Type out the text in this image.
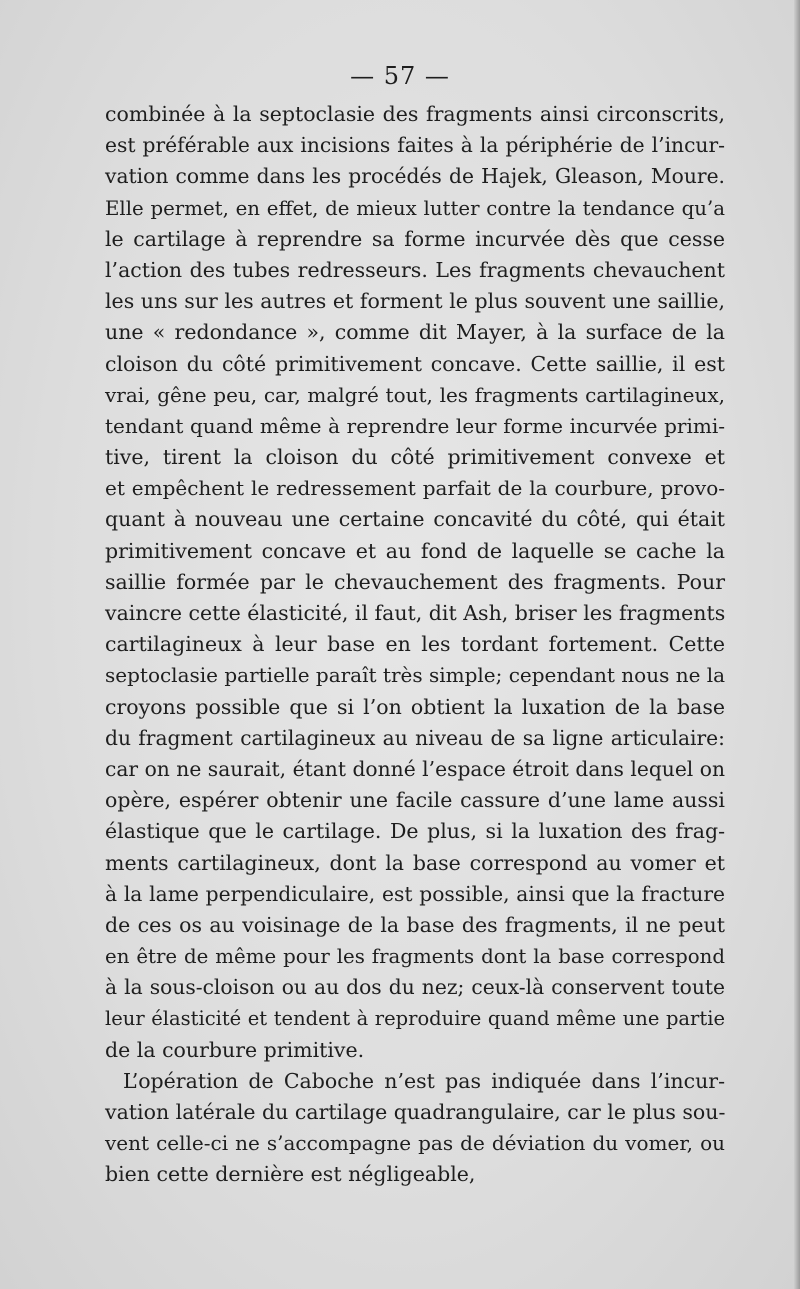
— 57 —
combinée à la septoclasie des fragments ainsi circonscrits,
est préférable aux incisions faites à la périphérie de l’incur-
vation comme dans les procédés de Hajek, Gleason, Moure.
Elle permet, en effet, de mieux lutter contre la tendance qu’a
le cartilage à reprendre sa forme incurvée dès que cesse
l’action des tubes redresseurs. Les fragments chevauchent
les uns sur les autres et forment le plus souvent une saillie,
une « redondance », comme dit Mayer, à la surface de la
cloison du côté primitivement concave. Cette saillie, il est
vrai, gêne peu, car, malgré tout, les fragments cartilagineux,
tendant quand même à reprendre leur forme incurvée primi-
tive, tirent la cloison du côté primitivement convexe et
et empêchent le redressement parfait de la courbure, provo-
quant à nouveau une certaine concavité du côté, qui était
primitivement concave et au fond de laquelle se cache la
saillie formée par le chevauchement des fragments. Pour
vaincre cette élasticité, il faut, dit Ash, briser les fragments
cartilagineux à leur base en les tordant fortement. Cette
septoclasie partielle paraît très simple; cependant nous ne la
croyons possible que si l’on obtient la luxation de la base
du fragment cartilagineux au niveau de sa ligne articulaire:
car on ne saurait, étant donné l’espace étroit dans lequel on
opère, espérer obtenir une facile cassure d’une lame aussi
élastique que le cartilage. De plus, si la luxation des frag-
ments cartilagineux, dont la base correspond au vomer et
à la lame perpendiculaire, est possible, ainsi que la fracture
de ces os au voisinage de la base des fragments, il ne peut
en être de même pour les fragments dont la base correspond
à la sous-cloison ou au dos du nez; ceux-là conservent toute
leur élasticité et tendent à reproduire quand même une partie
de la courbure primitive.
L’opération de Caboche n’est pas indiquée dans l’incur-
vation latérale du cartilage quadrangulaire, car le plus sou-
vent celle-ci ne s’accompagne pas de déviation du vomer, ou
bien cette dernière est négligeable,
